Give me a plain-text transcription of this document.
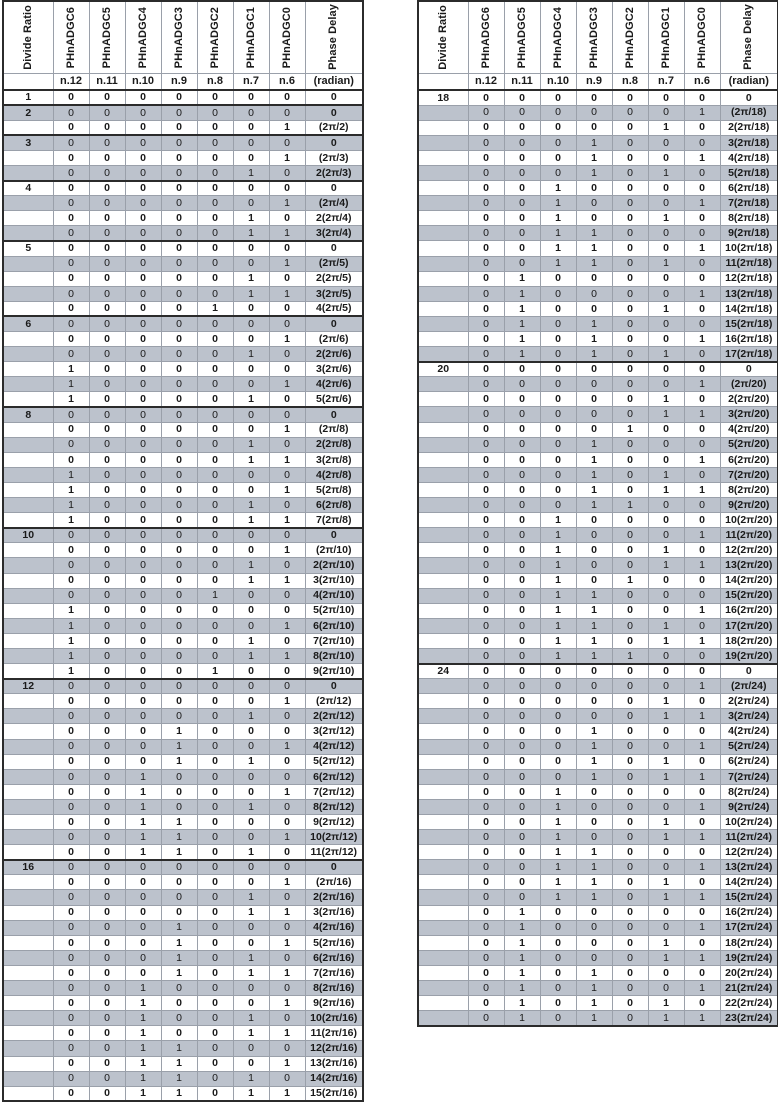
Divide Ratio	PHnADGC6	PHnADGC5	PHnADGC4	PHnADGC3	PHnADGC2	PHnADGC1	PHnADGC0	Phase Delay

	n.12	n.11	n.10	n.9	n.8	n.7	n.6	(radian)
1	0	0	0	0	0	0	0	0
2	0	0	0	0	0	0	0	0
	0	0	0	0	0	0	1	(2π/2)
3	0	0	0	0	0	0	0	0
	0	0	0	0	0	0	1	(2π/3)
	0	0	0	0	0	1	0	2(2π/3)
4	0	0	0	0	0	0	0	0
	0	0	0	0	0	0	1	(2π/4)
	0	0	0	0	0	1	0	2(2π/4)
	0	0	0	0	0	1	1	3(2π/4)
5	0	0	0	0	0	0	0	0
	0	0	0	0	0	0	1	(2π/5)
	0	0	0	0	0	1	0	2(2π/5)
	0	0	0	0	0	1	1	3(2π/5)
	0	0	0	0	1	0	0	4(2π/5)
6	0	0	0	0	0	0	0	0
	0	0	0	0	0	0	1	(2π/6)
	0	0	0	0	0	1	0	2(2π/6)
	1	0	0	0	0	0	0	3(2π/6)
	1	0	0	0	0	0	1	4(2π/6)
	1	0	0	0	0	1	0	5(2π/6)
8	0	0	0	0	0	0	0	0
	0	0	0	0	0	0	1	(2π/8)
	0	0	0	0	0	1	0	2(2π/8)
	0	0	0	0	0	1	1	3(2π/8)
	1	0	0	0	0	0	0	4(2π/8)
	1	0	0	0	0	0	1	5(2π/8)
	1	0	0	0	0	1	0	6(2π/8)
	1	0	0	0	0	1	1	7(2π/8)
10	0	0	0	0	0	0	0	0
	0	0	0	0	0	0	1	(2π/10)
	0	0	0	0	0	1	0	2(2π/10)
	0	0	0	0	0	1	1	3(2π/10)
	0	0	0	0	1	0	0	4(2π/10)
	1	0	0	0	0	0	0	5(2π/10)
	1	0	0	0	0	0	1	6(2π/10)
	1	0	0	0	0	1	0	7(2π/10)
	1	0	0	0	0	1	1	8(2π/10)
	1	0	0	0	1	0	0	9(2π/10)
12	0	0	0	0	0	0	0	0
	0	0	0	0	0	0	1	(2π/12)
	0	0	0	0	0	1	0	2(2π/12)
	0	0	0	1	0	0	0	3(2π/12)
	0	0	0	1	0	0	1	4(2π/12)
	0	0	0	1	0	1	0	5(2π/12)
	0	0	1	0	0	0	0	6(2π/12)
	0	0	1	0	0	0	1	7(2π/12)
	0	0	1	0	0	1	0	8(2π/12)
	0	0	1	1	0	0	0	9(2π/12)
	0	0	1	1	0	0	1	10(2π/12)
	0	0	1	1	0	1	0	11(2π/12)
16	0	0	0	0	0	0	0	0
	0	0	0	0	0	0	1	(2π/16)
	0	0	0	0	0	1	0	2(2π/16)
	0	0	0	0	0	1	1	3(2π/16)
	0	0	0	1	0	0	0	4(2π/16)
	0	0	0	1	0	0	1	5(2π/16)
	0	0	0	1	0	1	0	6(2π/16)
	0	0	0	1	0	1	1	7(2π/16)
	0	0	1	0	0	0	0	8(2π/16)
	0	0	1	0	0	0	1	9(2π/16)
	0	0	1	0	0	1	0	10(2π/16)
	0	0	1	0	0	1	1	11(2π/16)
	0	0	1	1	0	0	0	12(2π/16)
	0	0	1	1	0	0	1	13(2π/16)
	0	0	1	1	0	1	0	14(2π/16)
	0	0	1	1	0	1	1	15(2π/16)
Divide Ratio	PHnADGC6	PHnADGC5	PHnADGC4	PHnADGC3	PHnADGC2	PHnADGC1	PHnADGC0	Phase Delay

	n.12	n.11	n.10	n.9	n.8	n.7	n.6	(radian)
18	0	0	0	0	0	0	0	0
	0	0	0	0	0	0	1	(2π/18)
	0	0	0	0	0	1	0	2(2π/18)
	0	0	0	1	0	0	0	3(2π/18)
	0	0	0	1	0	0	1	4(2π/18)
	0	0	0	1	0	1	0	5(2π/18)
	0	0	1	0	0	0	0	6(2π/18)
	0	0	1	0	0	0	1	7(2π/18)
	0	0	1	0	0	1	0	8(2π/18)
	0	0	1	1	0	0	0	9(2π/18)
	0	0	1	1	0	0	1	10(2π/18)
	0	0	1	1	0	1	0	11(2π/18)
	0	1	0	0	0	0	0	12(2π/18)
	0	1	0	0	0	0	1	13(2π/18)
	0	1	0	0	0	1	0	14(2π/18)
	0	1	0	1	0	0	0	15(2π/18)
	0	1	0	1	0	0	1	16(2π/18)
	0	1	0	1	0	1	0	17(2π/18)
20	0	0	0	0	0	0	0	0
	0	0	0	0	0	0	1	(2π/20)
	0	0	0	0	0	1	0	2(2π/20)
	0	0	0	0	0	1	1	3(2π/20)
	0	0	0	0	1	0	0	4(2π/20)
	0	0	0	1	0	0	0	5(2π/20)
	0	0	0	1	0	0	1	6(2π/20)
	0	0	0	1	0	1	0	7(2π/20)
	0	0	0	1	0	1	1	8(2π/20)
	0	0	0	1	1	0	0	9(2π/20)
	0	0	1	0	0	0	0	10(2π/20)
	0	0	1	0	0	0	1	11(2π/20)
	0	0	1	0	0	1	0	12(2π/20)
	0	0	1	0	0	1	1	13(2π/20)
	0	0	1	0	1	0	0	14(2π/20)
	0	0	1	1	0	0	0	15(2π/20)
	0	0	1	1	0	0	1	16(2π/20)
	0	0	1	1	0	1	0	17(2π/20)
	0	0	1	1	0	1	1	18(2π/20)
	0	0	1	1	1	0	0	19(2π/20)
24	0	0	0	0	0	0	0	0
	0	0	0	0	0	0	1	(2π/24)
	0	0	0	0	0	1	0	2(2π/24)
	0	0	0	0	0	1	1	3(2π/24)
	0	0	0	1	0	0	0	4(2π/24)
	0	0	0	1	0	0	1	5(2π/24)
	0	0	0	1	0	1	0	6(2π/24)
	0	0	0	1	0	1	1	7(2π/24)
	0	0	1	0	0	0	0	8(2π/24)
	0	0	1	0	0	0	1	9(2π/24)
	0	0	1	0	0	1	0	10(2π/24)
	0	0	1	0	0	1	1	11(2π/24)
	0	0	1	1	0	0	0	12(2π/24)
	0	0	1	1	0	0	1	13(2π/24)
	0	0	1	1	0	1	0	14(2π/24)
	0	0	1	1	0	1	1	15(2π/24)
	0	1	0	0	0	0	0	16(2π/24)
	0	1	0	0	0	0	1	17(2π/24)
	0	1	0	0	0	1	0	18(2π/24)
	0	1	0	0	0	1	1	19(2π/24)
	0	1	0	1	0	0	0	20(2π/24)
	0	1	0	1	0	0	1	21(2π/24)
	0	1	0	1	0	1	0	22(2π/24)
	0	1	0	1	0	1	1	23(2π/24)
